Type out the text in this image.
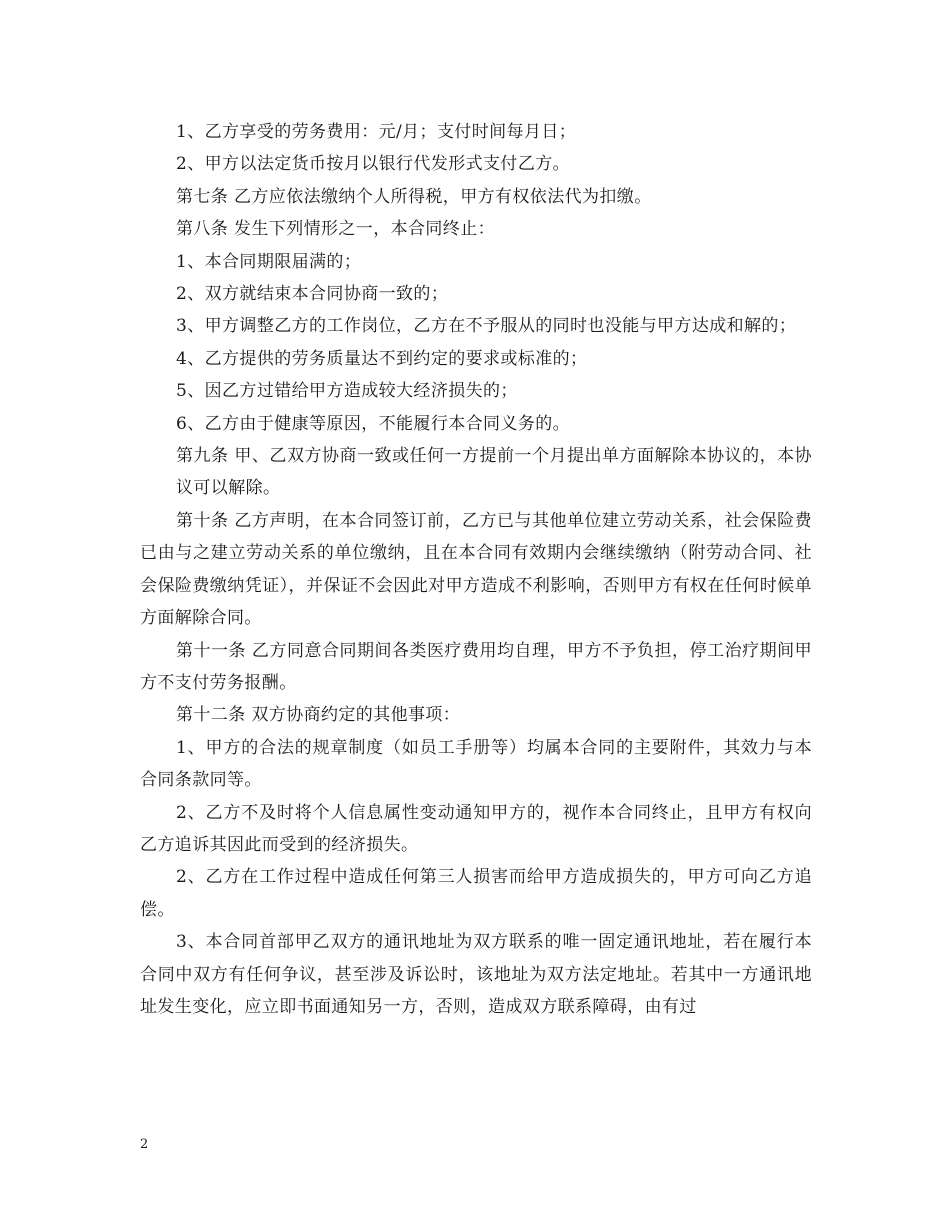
1、乙方享受的劳务费用：元/月；支付时间每月日；

2、甲方以法定货币按月以银行代发形式支付乙方。

第七条 乙方应依法缴纳个人所得税，甲方有权依法代为扣缴。

第八条 发生下列情形之一，本合同终止：

1、本合同期限届满的；

2、双方就结束本合同协商一致的；

3、甲方调整乙方的工作岗位，乙方在不予服从的同时也没能与甲方达成和解的；

4、乙方提供的劳务质量达不到约定的要求或标准的；

5、因乙方过错给甲方造成较大经济损失的；

6、乙方由于健康等原因，不能履行本合同义务的。

第九条 甲、乙双方协商一致或任何一方提前一个月提出单方面解除本协议的，本协议可以解除。

第十条 乙方声明，在本合同签订前，乙方已与其他单位建立劳动关系，社会保险费已由与之建立劳动关系的单位缴纳，且在本合同有效期内会继续缴纳（附劳动合同、社会保险费缴纳凭证），并保证不会因此对甲方造成不利影响，否则甲方有权在任何时候单方面解除合同。

第十一条 乙方同意合同期间各类医疗费用均自理，甲方不予负担，停工治疗期间甲方不支付劳务报酬。

第十二条 双方协商约定的其他事项：

1、甲方的合法的规章制度（如员工手册等）均属本合同的主要附件，其效力与本合同条款同等。

2、乙方不及时将个人信息属性变动通知甲方的，视作本合同终止，且甲方有权向乙方追诉其因此而受到的经济损失。

2、乙方在工作过程中造成任何第三人损害而给甲方造成损失的，甲方可向乙方追偿。

3、本合同首部甲乙双方的通讯地址为双方联系的唯一固定通讯地址，若在履行本合同中双方有任何争议，甚至涉及诉讼时，该地址为双方法定地址。若其中一方通讯地址发生变化，应立即书面通知另一方，否则，造成双方联系障碍，由有过

2
